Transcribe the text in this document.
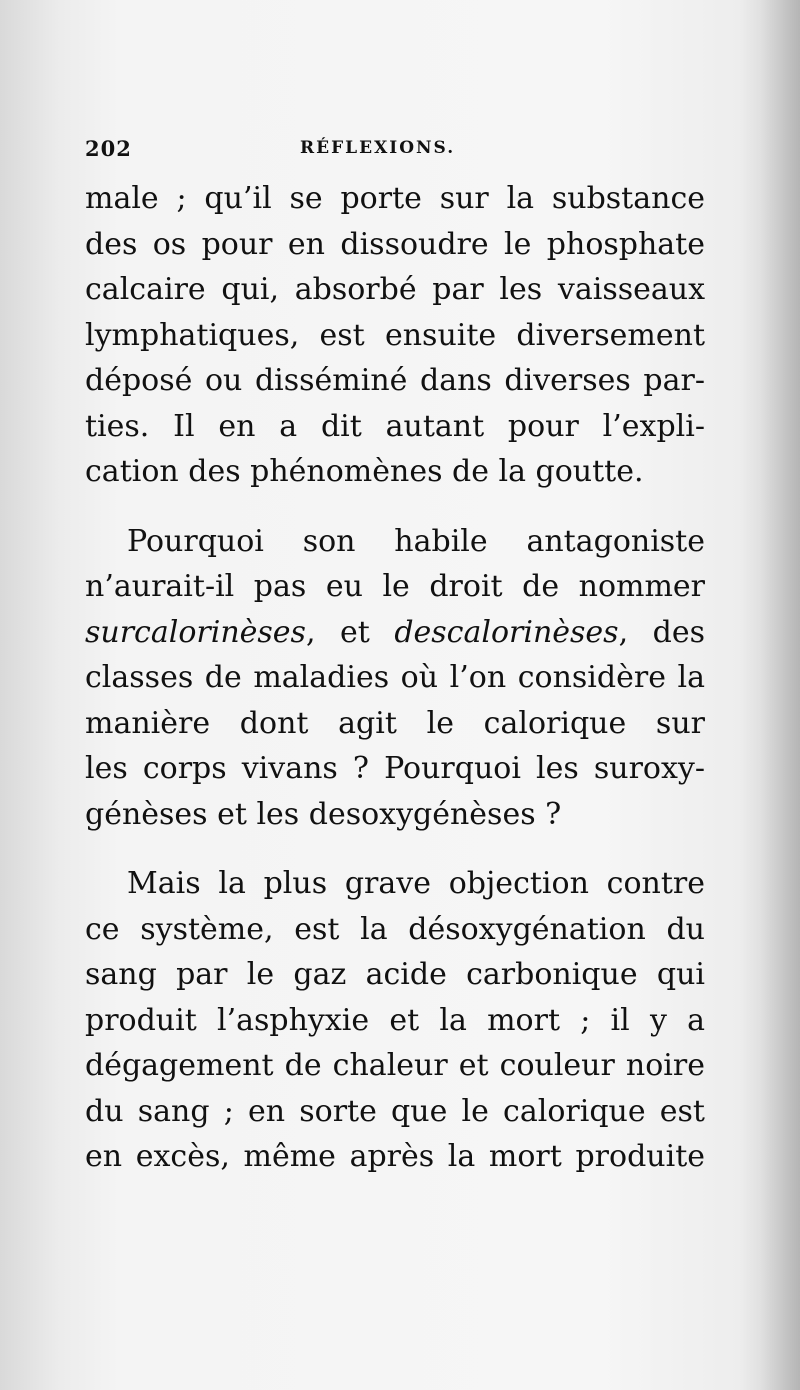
202	RÉFLEXIONS.

male ; qu’il se porte sur la substance
des os pour en dissoudre le phosphate
calcaire qui, absorbé par les vaisseaux
lymphatiques, est ensuite diversement
déposé ou disséminé dans diverses par-
ties. Il en a dit autant pour l’expli-
cation des phénomènes de la goutte.

Pourquoi son habile antagoniste
n’aurait-il pas eu le droit de nommer
surcalorinèses, et descalorinèses, des
classes de maladies où l’on considère la
manière dont agit le calorique sur
les corps vivans ? Pourquoi les suroxy-
génèses et les desoxygénèses ?

Mais la plus grave objection contre
ce système, est la désoxygénation du
sang par le gaz acide carbonique qui
produit l’asphyxie et la mort ; il y a
dégagement de chaleur et couleur noire
du sang ; en sorte que le calorique est
en excès, même après la mort produite
